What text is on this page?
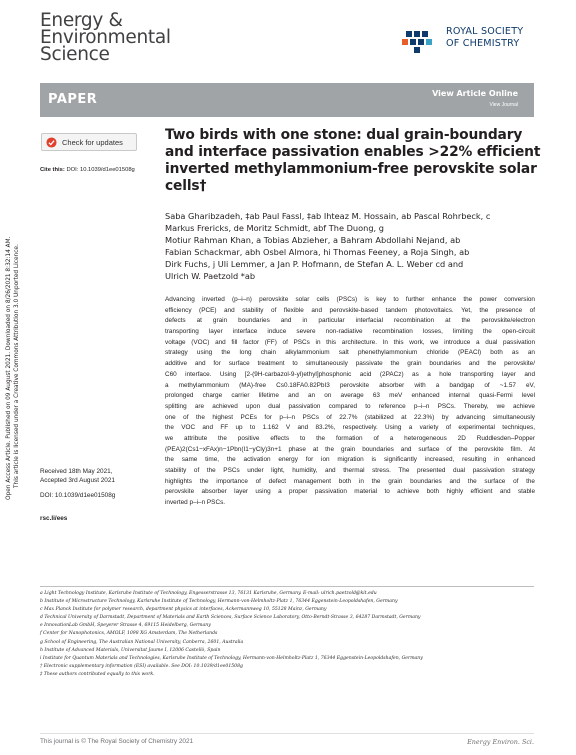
Energy &
Environmental
Science
ROYAL SOCIETY
OF CHEMISTRY
PAPER	View Article Online
View Journal
Open Access Article. Published on 09 August 2021. Downloaded on 8/26/2021 8:32:14 AM. This article is licensed under a Creative Commons Attribution 3.0 Unported Licence.
Check for updates
Cite this: DOI: 10.1039/d1ee01508g
Two birds with one stone: dual grain-boundary
and interface passivation enables >22% efficient
inverted methylammonium-free perovskite solar
cells†
Saba Gharibzadeh, ‡ab Paul Fassl, ‡ab Ihteaz M. Hossain, ab Pascal Rohrbeck, c
Markus Frericks, de Moritz Schmidt, abf The Duong, g
Motiur Rahman Khan, a Tobias Abzieher, a Bahram Abdollahi Nejand, ab
Fabian Schackmar, abh Osbel Almora, hi Thomas Feeney, a Roja Singh, ab
Dirk Fuchs, j Uli Lemmer, a Jan P. Hofmann, de Stefan A. L. Weber cd and
Ulrich W. Paetzold *ab
Advancing inverted (p–i–n) perovskite solar cells (PSCs) is key to further enhance the power conversion
efficiency (PCE) and stability of flexible and perovskite-based tandem photovoltaics. Yet, the presence of
defects at grain boundaries and in particular interfacial recombination at the perovskite/electron
transporting layer interface induce severe non-radiative recombination losses, limiting the open-circuit
voltage (VOC) and fill factor (FF) of PSCs in this architecture. In this work, we introduce a dual passivation
strategy using the long chain alkylammonium salt phenethylammonium chloride (PEACl) both as an
additive and for surface treatment to simultaneously passivate the grain boundaries and the perovskite/
C60 interface. Using [2-(9H-carbazol-9-yl)ethyl]phosphonic acid (2PACz) as a hole transporting layer and
a methylammonium (MA)-free Cs0.18FA0.82PbI3 perovskite absorber with a bandgap of ~1.57 eV,
prolonged charge carrier lifetime and an on average 63 meV enhanced internal quasi-Fermi level
splitting are achieved upon dual passivation compared to reference p–i–n PSCs. Thereby, we achieve
one of the highest PCEs for p–i–n PSCs of 22.7% (stabilized at 22.3%) by advancing simultaneously
the VOC and FF up to 1.162 V and 83.2%, respectively. Using a variety of experimental techniques,
we attribute the positive effects to the formation of a heterogeneous 2D Ruddlesden–Popper
(PEA)2(Cs1−xFAx)n−1Pbn(I1−yCly)3n+1 phase at the grain boundaries and surface of the perovskite film. At
the same time, the activation energy for ion migration is significantly increased, resulting in enhanced
stability of the PSCs under light, humidity, and thermal stress. The presented dual passivation strategy
highlights the importance of defect management both in the grain boundaries and the surface of the
perovskite absorber layer using a proper passivation material to achieve both highly efficient and stable
inverted p–i–n PSCs.
Received 18th May 2021,
Accepted 3rd August 2021
DOI: 10.1039/d1ee01508g
rsc.li/ees
a Light Technology Institute, Karlsruhe Institute of Technology, Engesserstrasse 13, 76131 Karlsruhe, Germany. E-mail: ulrich.paetzold@kit.edu
b Institute of Microstructure Technology, Karlsruhe Institute of Technology, Hermann-von-Helmholtz-Platz 1, 76344 Eggenstein-Leopoldshafen, Germany
c Max Planck Institute for polymer research, department physics at interfaces, Ackermannweg 10, 55128 Mainz, Germany
d Technical University of Darmstadt, Department of Materials and Earth Sciences, Surface Science Laboratory, Otto-Berndt-Strasse 3, 64287 Darmstadt, Germany
e InnovationLab GmbH, Speyerer Strasse 4, 69115 Heidelberg, Germany
f Center for Nanophotonics, AMOLF, 1098 XG Amsterdam, The Netherlands
g School of Engineering, The Australian National University, Canberra, 2601, Australia
h Institute of Advanced Materials, Universitat Jaume I, 12006 Castellò, Spain
i Institute for Quantum Materials and Technologies, Karlsruhe Institute of Technology, Hermann-von-Helmholtz-Platz 1, 76344 Eggenstein-Leopoldshafen, Germany
† Electronic supplementary information (ESI) available. See DOI: 10.1039/d1ee01508g
‡ These authors contributed equally to this work.
This journal is © The Royal Society of Chemistry 2021	Energy Environ. Sci.
